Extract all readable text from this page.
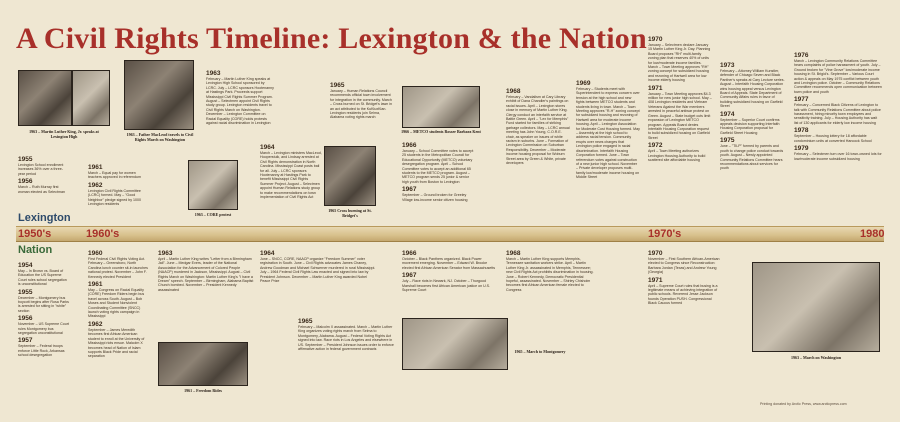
A Civil Rights Timeline: Lexington & the Nation
1963 – Martin Luther King, Jr. speaks at Lexington High	1963 – Father MacLeod travels to Civil Rights March on Washington
1963 – CORE protest
1965 Cross burning at St. Bridget's
1966 – METCO students Rosser Barbara Kent
1955

Lexington School enrollment increases 36% over a three-year period

1956

March – Ruth Murray first woman elected as Selectman

1961

March – Equal pay for women teachers approved in referendum

1962

Lexington Civil Rights Committee (LCRC) formed. May – "Good Neighbor" pledge signed by 1000 Lexington residents

1963

February – Martin Luther King speaks at Lexington High School sponsored by LCRC. July – LCRC sponsors Hootenanny at Hastings Park. Proceeds support Mississippi Civil Rights Summer Program. August – Selectmen appoint Civil Rights study group. Lexington residents travel to Civil Rights March on Washington. December – Lexington Committee on Racial Equality (CORE) holds protests against racial discrimination in Lexington

1964

March – Lexington ministers MacLeod, Hooperstuik, and Lindsay arrested at Civil Rights demonstration in North Carolina. Mississippi Coast posts bail for all. July – LCRC sponsors Hootenanny at Hastings Park to benefit Mississippi Civil Rights Summer Project. August – Selectmen appoint Human Relations study group to make recommendations on town implementation of Civil Rights Act

1965

January – Human Relations Council recommends official town involvement for integration in the community. March – Cross burned on St. Bridget's lawn in an act attributed to the KuKluxKlan. Lexington residents join Selma, Alabama voting rights march

1966

January – School Committee votes to accept 25 students in the Metropolitan Council for Educational Opportunity (METCO) voluntary desegregation program. April – School Committee votes to accept an additional 65 students to the METCO program. August – METCO program sends 25 junior & senior high youth from Boston to Lexington

1967

September – Ground broken for Greeley Village low-income senior citizen housing

1968

February – Vandalism at Cary Library exhibit of Dana Chandler's paintings on racial issues. April – Lexington stores close in memory of Martin Luther King. Clergy conduct an interfaith service at Battle Green. April – "Lex for Memphis" Fund started for families of striking garbage collectors. May – LCRC annual meeting has John Young, C.O.R.E. chair, as speaker on issues of white racism in suburbs. June – Formation of Lexington Commission on Suburban Responsibility. December – Moderate income housing proposal for Woburn Street area by Green & White, private developers

1969

February – Students meet with Superintendent to express concern over tension at the high school and new fights between METCO students and students living in town. March – Town Meeting approves "R-H" zoning concept for subsidized housing and rezoning of Hartwell area for moderate income housing. April – Lexington Association for Moderate Cost Housing formed. May – Assembly at the high school to address racial tension. Community erupts over news charges that Lexington police engaged in racial discrimination. Interfaith Housing Corporation formed. June – Town referendum votes against construction of a new junior high school. November – Private developer proposes multi-family low/moderate income housing on Middle Street

1970

January – Selectmen declare January 15 Martin Luther King Jr. Day. Planning Board proposes "RH" multi-family zoning plan that reserves 40% of units for low/moderate income families. March – Town Meeting approves "RH" zoning concept for subsidized housing and rezoning of Hartwell area for low income elderly housing

1971

January – Town Meeting approves $4.3 million for new junior high school. May – 408 Lexington residents and Vietnam Veterans Against the War members arrested in peaceful antiwar protest on Green. August – State budget cuts limit expansion of Lexington METCO program. Appeals Board denies Interfaith Housing Corporation request to build subsidized housing on Garfield Street

1972

April – Town Meeting authorizes Lexington Housing Authority to build scattered site affordable housing

1973

February – Attorney William Kunstler, defender of Chicago Seven and Black Panther's speaks at Cary Lecture series. August – Interfaith Housing Corporation wins housing appeal versus Lexington Board of Appeals. State Department of Community Affairs rules in favor of building subsidized housing on Garfield Street

1974

September – Superior Court confirms appeals decision supporting Interfaith Housing Corporation proposal for Garfield Street Housing

1975

June – "TILP" formed by parents and youth to change police conduct towards youth. August – Newly appointed Community Relations Committee hears recommendations about services for youth

1976

March – Lexington Community Relations Committee hears complaints of police harassment of youth. July – Ground broken for "Vine Grove" low/moderate income housing in St. Brigid's. September – Various Court action & appeals on May 1975 conflict between youth and Lexington police. October – Community Relations Committee recommends open communication between town police and youth

1977

February – Concerned Black Citizens of Lexington to talk with Community Relations Committee about police harassment, hiring minority town employees and sensitivity training. July – Housing Authority has wait list of 130 applicants for elderly low income housing

1978

September – Housing lottery for 18 affordable condominium units at converted Hancock School

1979

February – Selectmen turn over 16 town-owned lots for low/moderate income subsidized housing

Lexington
1950's	1960's	1970's	1980
Nation
1954

May – In Brown vs. Board of Education the US Supreme Court rules school segregation is unconstitutional

1955

December – Montgomery bus boycott begins after Rosa Parks is arrested for sitting in "white" section

1956

November – US Supreme Court rules Montgomery bus segregation unconstitutional

1957

September – Federal troops enforce Little Rock, Arkansas school desegregation

1960

First Federal Civil Rights Voting Act. February – Greensboro, North Carolina lunch counter sit-in launches national protest. November – John F. Kennedy elected President

1961

May – Congress on Racial Equality (CORE) Freedom Riders begin bus travel across South. August – Bob Moses and Student Nonviolent Coordinating Committee (SNCC) launch voting rights campaign in Mississippi

1962

September – James Meredith becomes first African American student to enroll at the University of Mississippi riots ensue. Malcolm X becomes head of Nation of Islam supports Black Pride and racial separation

1963

April – Martin Luther King writes "Letter from a Birmingham Jail". June – Medgar Evers, leader of the National Association for the Advancement of Colored People (NAACP) murdered in Jackson, Mississippi. August – Civil Rights March on Washington: Martin Luther King's "I have a Dream" speech. September – Birmingham, Alabama Baptist Church bombed. November – President Kennedy assassinated

1961 – Freedom Rides
1964

June – SNCC, CORE, NAACP organize "Freedom Summer" voter registration in South. June – Civil Rights advocates James Chaney, Andrew Goodman and Michael Schwerner murdered in rural Mississippi. July – 1964 Federal Civil Rights Law enacted and signed into law by President Johnson. December – Martin Luther King awarded Nobel Peace Prize

1965

February – Malcolm X assassinated. March – Martin Luther King organizes voting rights march from Selma to Montgomery, Alabama. August – Federal Voting Rights Act signed into law. Race riots in Los Angeles and elsewhere in US. September – President Johnson issues order to enforce affirmative action in federal government contracts

1966

October – Black Panthers organized. Black Power movement emerging. November – Edward W. Brooke elected first African American Senator from Massachusetts

1967

July – Race riots in Newark, NJ. October – Thurgood Marshall becomes first African American justice on U.S. Supreme Court

1965 – March to Montgomery
1968

March – Martin Luther King supports Memphis, Tennessee sanitation workers strike. April – Martin Luther King Jr. assassinated in Memphis, Tennessee; new Civil Rights Act prohibits discrimination in housing. June – Robert Kennedy, Democratic Presidential hopeful, assassinated. November – Shirley Chisholm becomes first African American female elected to Congress

1970

November – First Southern African-American elected to Congress since Reconstruction: Barbara Jordan (Texas) and Andrew Young (Georgia)

1971

April – Supreme Court rules that busing is a legitimate means of achieving integration of public schools. Reverend Jesse Jackson founds Operation PUSH. Congressional Black Caucus formed

1963 – March on Washington
Printing donated by Arctic Press, www.arcticpress.com
